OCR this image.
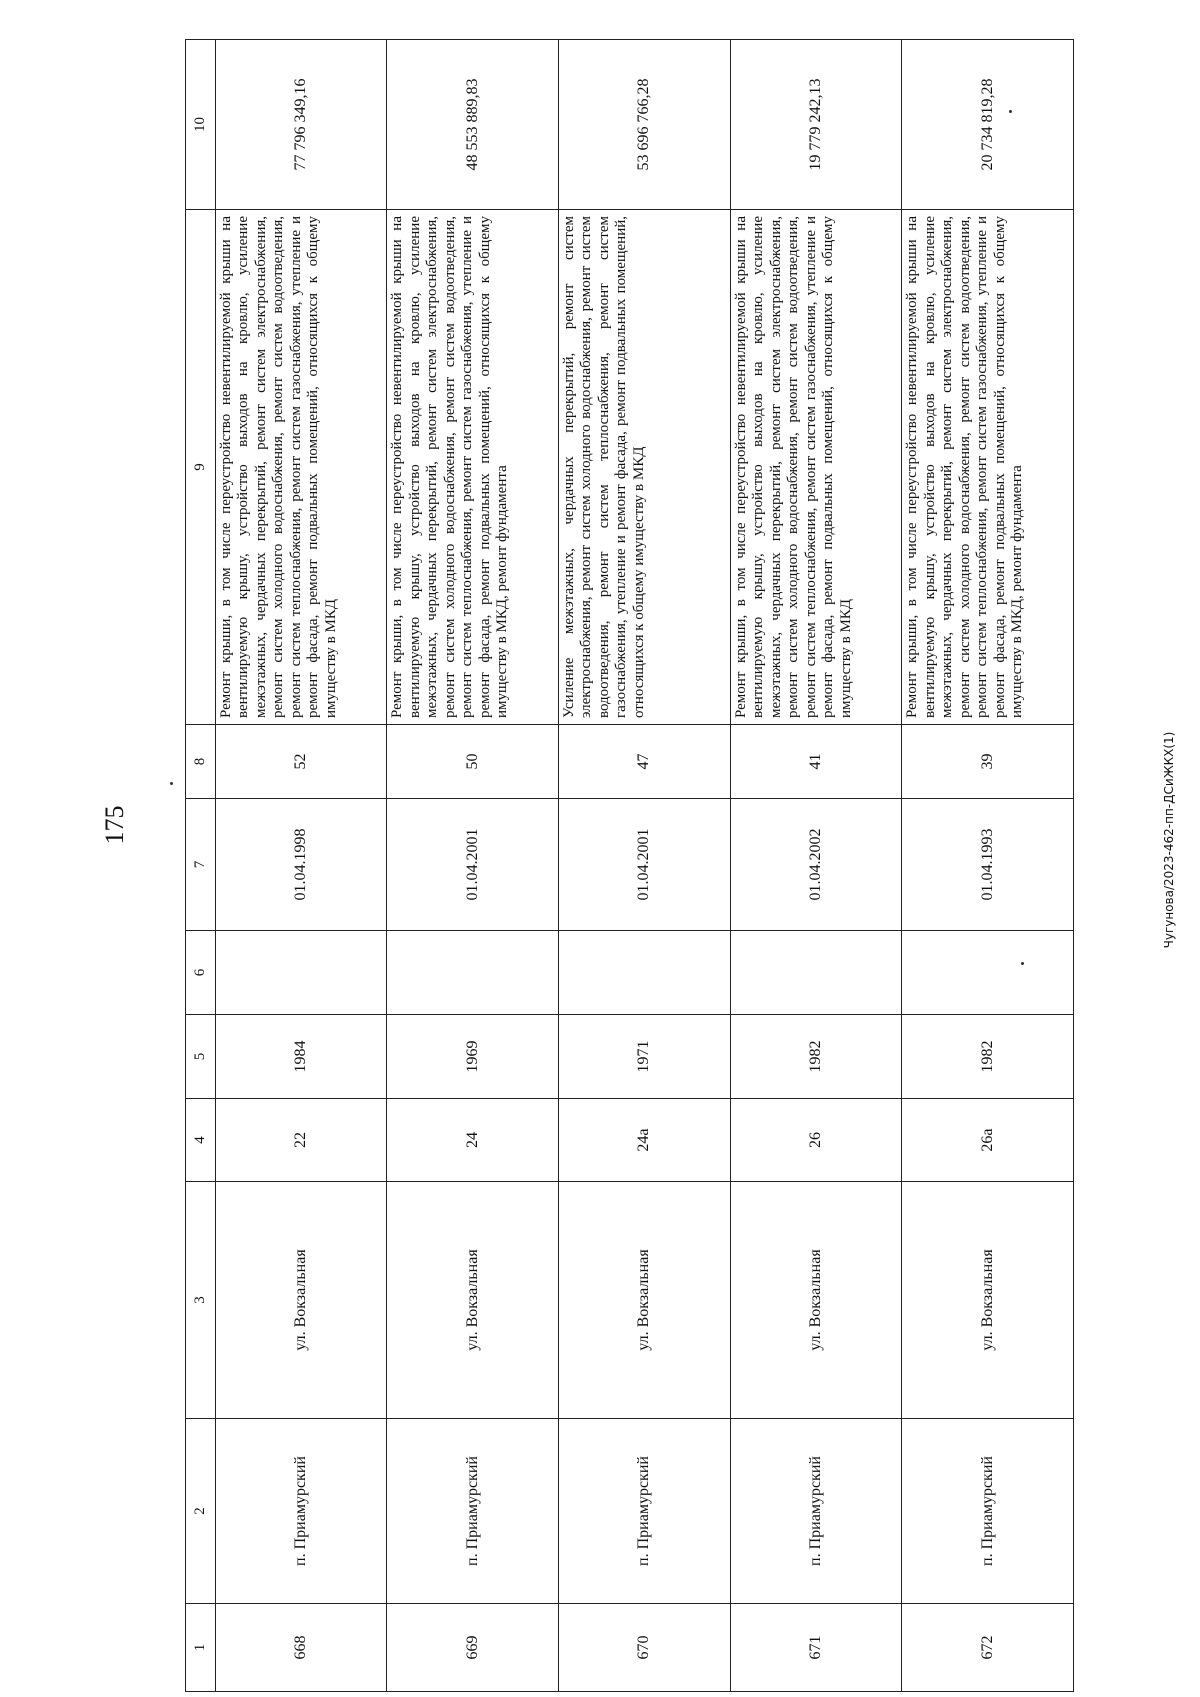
175	Чугунова/2023-462-пп-ДСиЖКХ(1)
1	2	3	4	5	6	7	8	9	10
668	п. Приамурский	ул. Вокзальная	22	1984		01.04.1998	52	Ремонт крыши, в том числе переустройство невентилируемой крыши на вентилируемую крышу, устройство выходов на кровлю, усиление межэтажных, чердачных перекрытий, ремонт систем электроснабжения, ремонт систем холодного водоснабжения, ремонт систем водоотведения, ремонт систем теплоснабжения, ремонт систем газоснабжения, утепление и ремонт фасада, ремонт подвальных помещений, относящихся к общему имуществу в МКД	77 796 349,16
669	п. Приамурский	ул. Вокзальная	24	1969		01.04.2001	50	Ремонт крыши, в том числе переустройство невентилируемой крыши на вентилируемую крышу, устройство выходов на кровлю, усиление межэтажных, чердачных перекрытий, ремонт систем электроснабжения, ремонт систем холодного водоснабжения, ремонт систем водоотведения, ремонт систем теплоснабжения, ремонт систем газоснабжения, утепление и ремонт фасада, ремонт подвальных помещений, относящихся к общему имуществу в МКД, ремонт фундамента	48 553 889,83
670	п. Приамурский	ул. Вокзальная	24а	1971		01.04.2001	47	Усиление межэтажных, чердачных перекрытий, ремонт систем электроснабжения, ремонт систем холодного водоснабжения, ремонт систем водоотведения, ремонт систем теплоснабжения, ремонт систем газоснабжения, утепление и ремонт фасада, ремонт подвальных помещений, относящихся к общему имуществу в МКД	53 696 766,28
671	п. Приамурский	ул. Вокзальная	26	1982		01.04.2002	41	Ремонт крыши, в том числе переустройство невентилируемой крыши на вентилируемую крышу, устройство выходов на кровлю, усиление межэтажных, чердачных перекрытий, ремонт систем электроснабжения, ремонт систем холодного водоснабжения, ремонт систем водоотведения, ремонт систем теплоснабжения, ремонт систем газоснабжения, утепление и ремонт фасада, ремонт подвальных помещений, относящихся к общему имуществу в МКД	19 779 242,13
672	п. Приамурский	ул. Вокзальная	26а	1982		01.04.1993	39	Ремонт крыши, в том числе переустройство невентилируемой крыши на вентилируемую крышу, устройство выходов на кровлю, усиление межэтажных, чердачных перекрытий, ремонт систем электроснабжения, ремонт систем холодного водоснабжения, ремонт систем водоотведения, ремонт систем теплоснабжения, ремонт систем газоснабжения, утепление и ремонт фасада, ремонт подвальных помещений, относящихся к общему имуществу в МКД, ремонт фундамента	20 734 819,28
